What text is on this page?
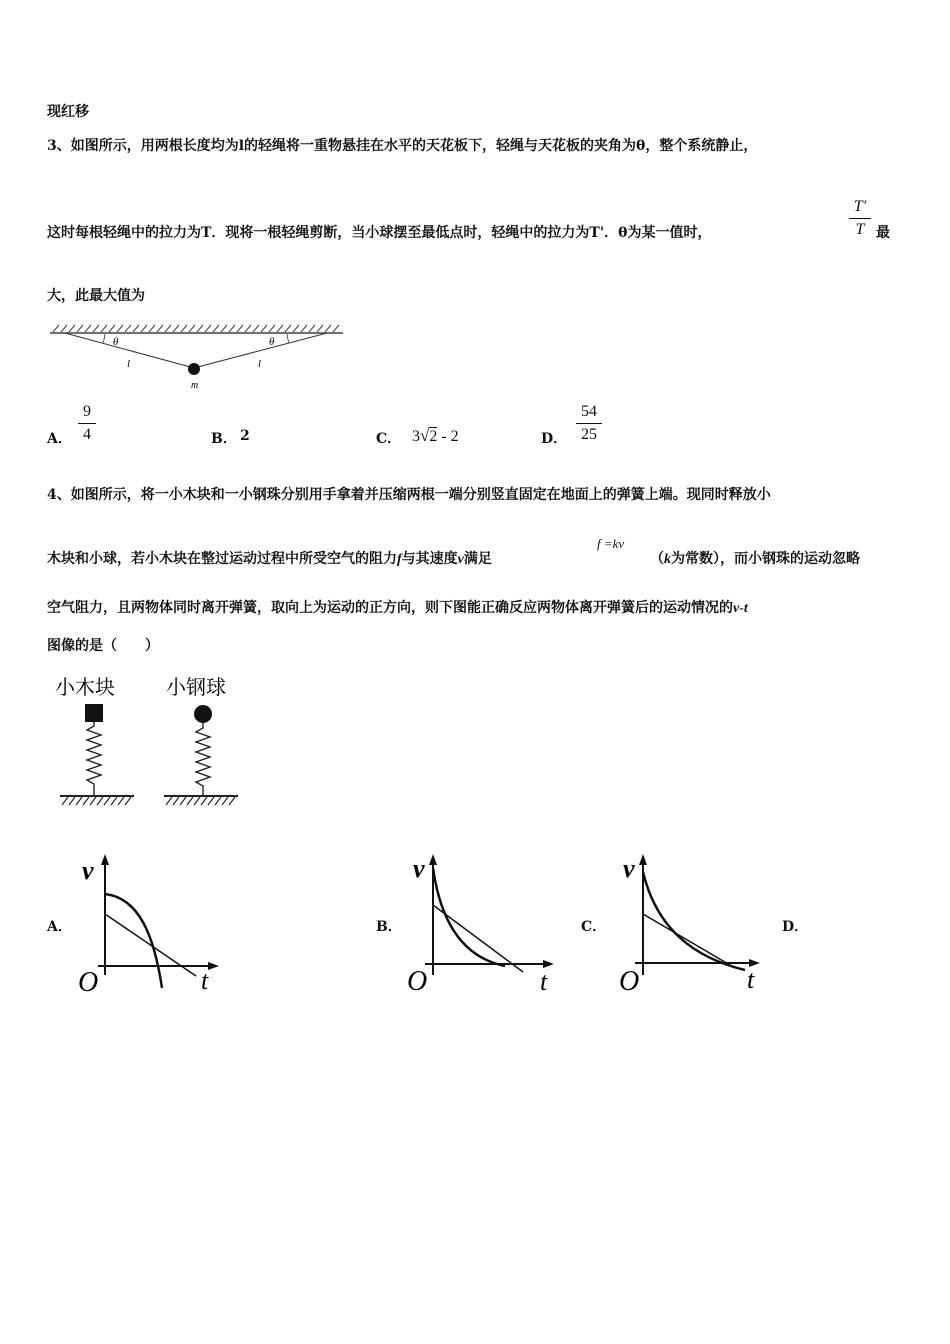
现红移
3、如图所示，用两根长度均为l的轻绳将一重物悬挂在水平的天花板下，轻绳与天花板的夹角为θ，整个系统静止，
这时每根轻绳中的拉力为T．现将一根轻绳剪断，当小球摆至最低点时，轻绳中的拉力为T'．θ为某一值时，
T′
T 最
大，此最大值为
θ	θ
l	l
m
A．
9
4	B． 2	C． 3√2 - 2	D．
54
25
4、如图所示，将一小木块和一小钢珠分别用手拿着并压缩两根一端分别竖直固定在地面上的弹簧上端。现同时释放小
木块和小球，若小木块在整过运动过程中所受空气的阻力f与其速度v满足
f =kv
（k为常数），而小钢珠的运动忽略
空气阻力，且两物体同时离开弹簧，取向上为运动的正方向，则下图能正确反应两物体离开弹簧后的运动情况的v-t
图像的是（　　）
小木块	小钢球
A．
v
O	t
B．
v
O	t
C．
v
O	t
D．
